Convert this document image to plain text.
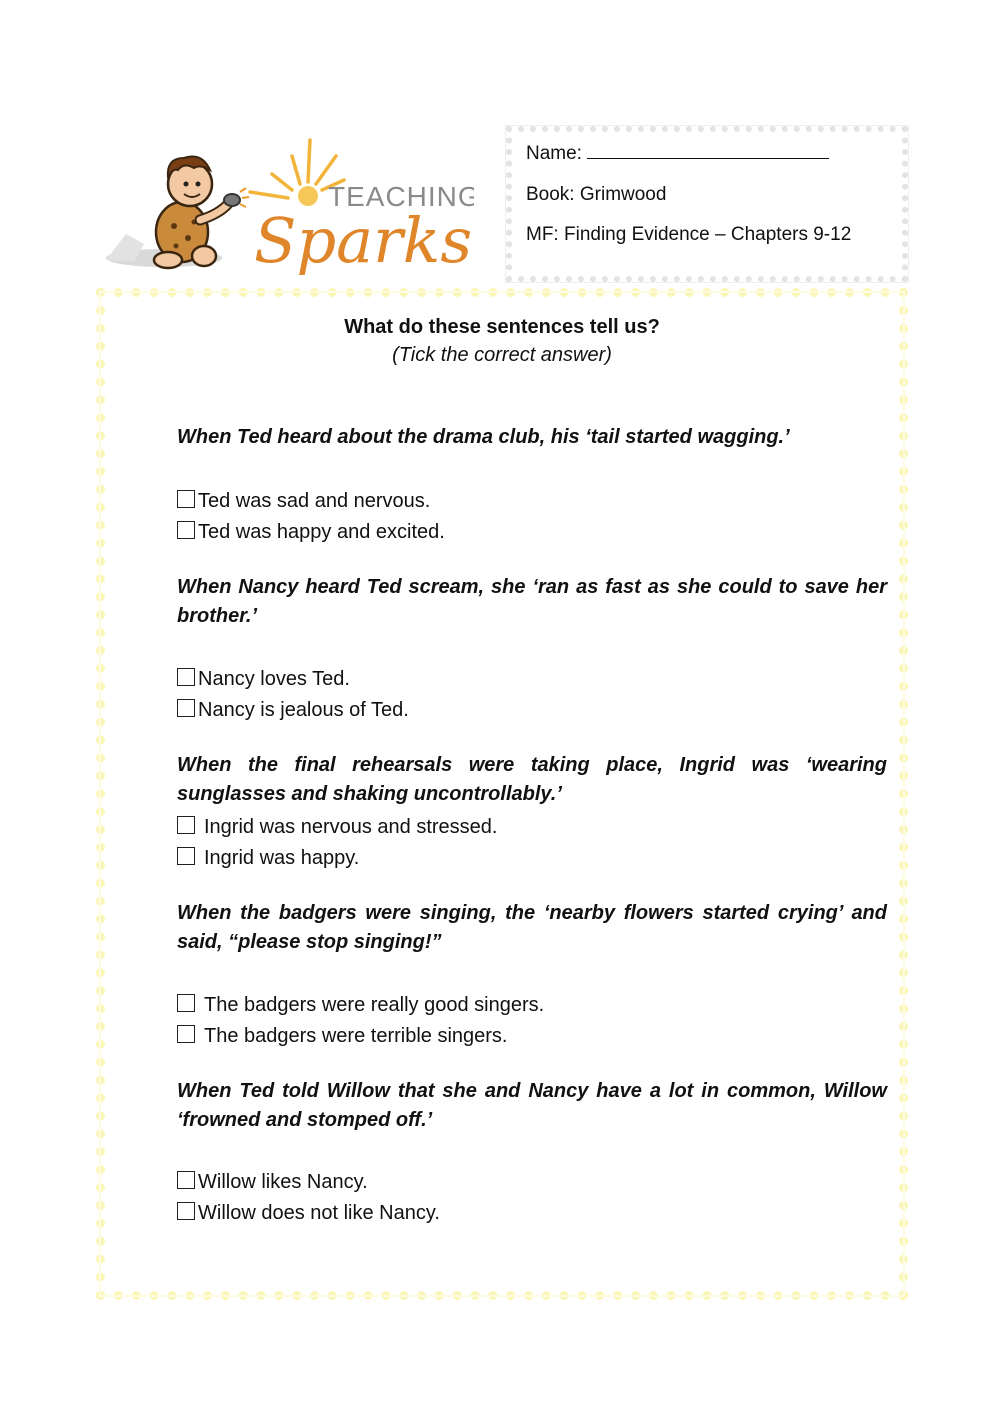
TEACHING
Sparks
Name:
Book: Grimwood
MF: Finding Evidence – Chapters 9-12
What do these sentences tell us?
(Tick the correct answer)
When Ted heard about the drama club, his ‘tail started wagging.’
Ted was sad and nervous.
Ted was happy and excited.
When Nancy heard Ted scream, she ‘ran as fast as she could to save her brother.’
Nancy loves Ted.
Nancy is jealous of Ted.
When the final rehearsals were taking place, Ingrid was ‘wearing sunglasses and shaking uncontrollably.’
Ingrid was nervous and stressed.
Ingrid was happy.
When the badgers were singing, the ‘nearby flowers started crying’ and said, “please stop singing!”
The badgers were really good singers.
The badgers were terrible singers.
When Ted told Willow that she and Nancy have a lot in common, Willow ‘frowned and stomped off.’
Willow likes Nancy.
Willow does not like Nancy.
